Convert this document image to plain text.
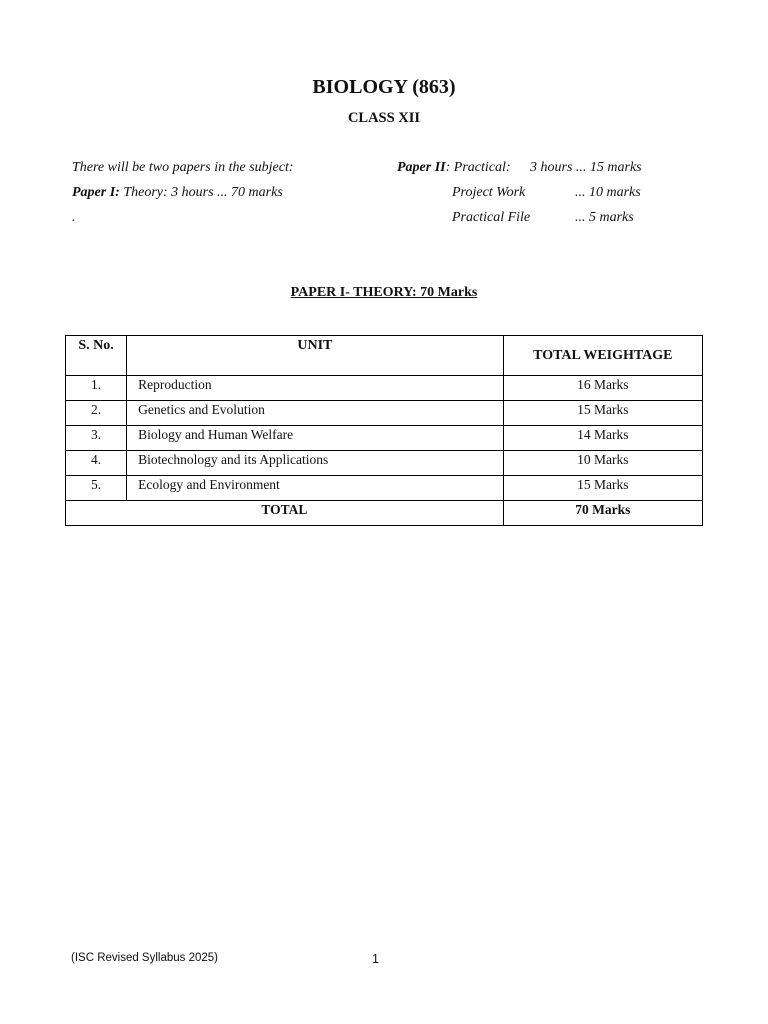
BIOLOGY (863)
CLASS XII
There will be two papers in the subject:
Paper I: Theory: 3 hours ... 70 marks
.
Paper II: Practical: 3 hours ... 15 marks
Project Work	... 10 marks
Practical File	... 5 marks
PAPER I- THEORY: 70 Marks
S. No.	UNIT	TOTAL WEIGHTAGE
1.	Reproduction	16 Marks
2.	Genetics and Evolution	15 Marks
3.	Biology and Human Welfare	14 Marks
4.	Biotechnology and its Applications	10 Marks
5.	Ecology and Environment	15 Marks
TOTAL		70 Marks
(ISC Revised Syllabus 2025)	1
